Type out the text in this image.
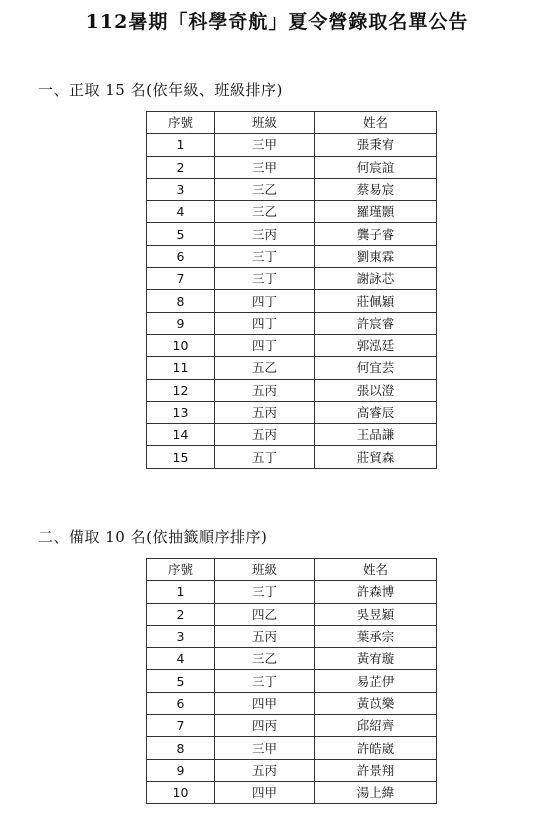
112暑期「科學奇航」夏令營錄取名單公告
一、正取 15 名(依年級、班級排序)
序號	班級	姓名
1	三甲	張秉宥
2	三甲	何宸誼
3	三乙	蔡易宸
4	三乙	羅瑾顥
5	三丙	龔子睿
6	三丁	劉東霖
7	三丁	謝詠芯
8	四丁	莊佩穎
9	四丁	許宸睿
10	四丁	郭泓廷
11	五乙	何宜芸
12	五丙	張以澄
13	五丙	高睿辰
14	五丙	王品謙
15	五丁	莊貿森
二、備取 10 名(依抽籤順序排序)
序號	班級	姓名
1	三丁	許森博
2	四乙	吳昱穎
3	五丙	葉承宗
4	三乙	黃宥璇
5	三丁	易芷伊
6	四甲	黃苡樂
7	四丙	邱紹齊
8	三甲	許皓崴
9	五丙	許景翔
10	四甲	湯上緯
